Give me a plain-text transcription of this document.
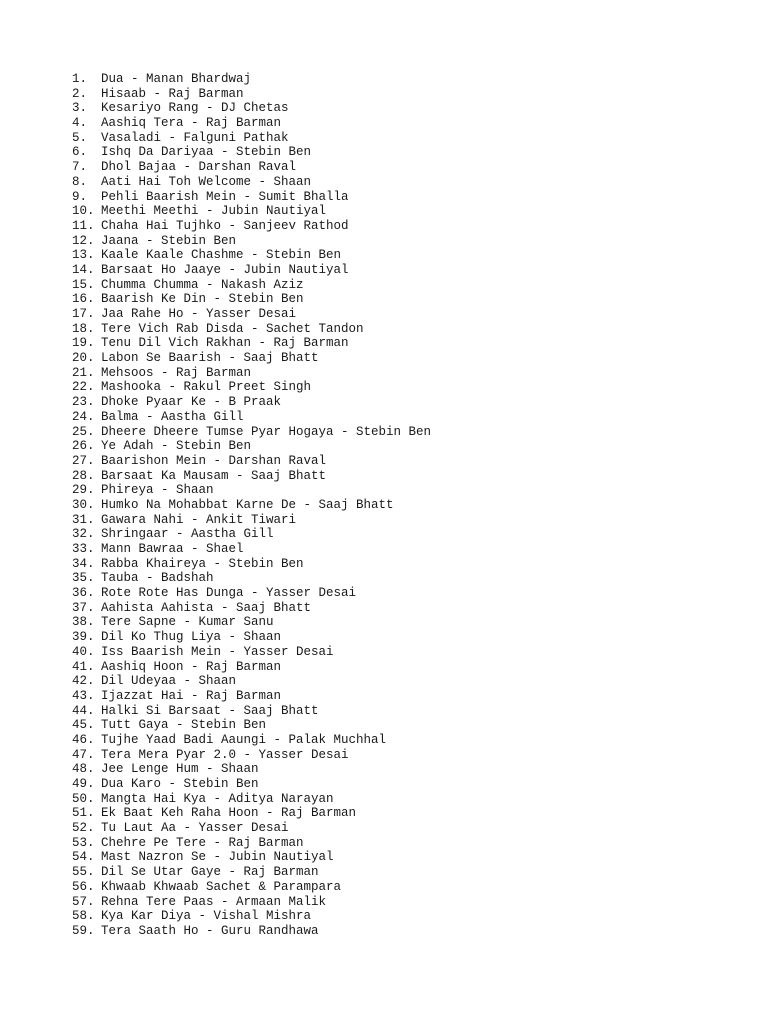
1.	Dua - Manan Bhardwaj
2.	Hisaab - Raj Barman
3.	Kesariyo Rang - DJ Chetas
4.	Aashiq Tera - Raj Barman
5.	Vasaladi - Falguni Pathak
6.	Ishq Da Dariyaa - Stebin Ben
7.	Dhol Bajaa - Darshan Raval
8.	Aati Hai Toh Welcome - Shaan
9.	Pehli Baarish Mein - Sumit Bhalla
10. Meethi Meethi - Jubin Nautiyal
11. Chaha Hai Tujhko - Sanjeev Rathod
12. Jaana - Stebin Ben
13. Kaale Kaale Chashme - Stebin Ben
14. Barsaat Ho Jaaye - Jubin Nautiyal
15. Chumma Chumma - Nakash Aziz
16. Baarish Ke Din - Stebin Ben
17. Jaa Rahe Ho - Yasser Desai
18. Tere Vich Rab Disda - Sachet Tandon
19. Tenu Dil Vich Rakhan - Raj Barman
20. Labon Se Baarish - Saaj Bhatt
21. Mehsoos - Raj Barman
22. Mashooka - Rakul Preet Singh
23. Dhoke Pyaar Ke - B Praak
24. Balma - Aastha Gill
25. Dheere Dheere Tumse Pyar Hogaya - Stebin Ben
26. Ye Adah - Stebin Ben
27. Baarishon Mein - Darshan Raval
28. Barsaat Ka Mausam - Saaj Bhatt
29. Phireya - Shaan
30. Humko Na Mohabbat Karne De - Saaj Bhatt
31. Gawara Nahi - Ankit Tiwari
32. Shringaar - Aastha Gill
33. Mann Bawraa - Shael
34. Rabba Khaireya - Stebin Ben
35. Tauba - Badshah
36. Rote Rote Has Dunga - Yasser Desai
37. Aahista Aahista - Saaj Bhatt
38. Tere Sapne - Kumar Sanu
39. Dil Ko Thug Liya - Shaan
40. Iss Baarish Mein - Yasser Desai
41. Aashiq Hoon - Raj Barman
42. Dil Udeyaa - Shaan
43. Ijazzat Hai - Raj Barman
44. Halki Si Barsaat - Saaj Bhatt
45. Tutt Gaya - Stebin Ben
46. Tujhe Yaad Badi Aaungi - Palak Muchhal
47. Tera Mera Pyar 2.0 - Yasser Desai
48. Jee Lenge Hum - Shaan
49. Dua Karo - Stebin Ben
50. Mangta Hai Kya - Aditya Narayan
51. Ek Baat Keh Raha Hoon - Raj Barman
52. Tu Laut Aa - Yasser Desai
53. Chehre Pe Tere - Raj Barman
54. Mast Nazron Se - Jubin Nautiyal
55. Dil Se Utar Gaye - Raj Barman
56. Khwaab Khwaab Sachet & Parampara
57. Rehna Tere Paas - Armaan Malik
58. Kya Kar Diya - Vishal Mishra
59. Tera Saath Ho - Guru Randhawa
